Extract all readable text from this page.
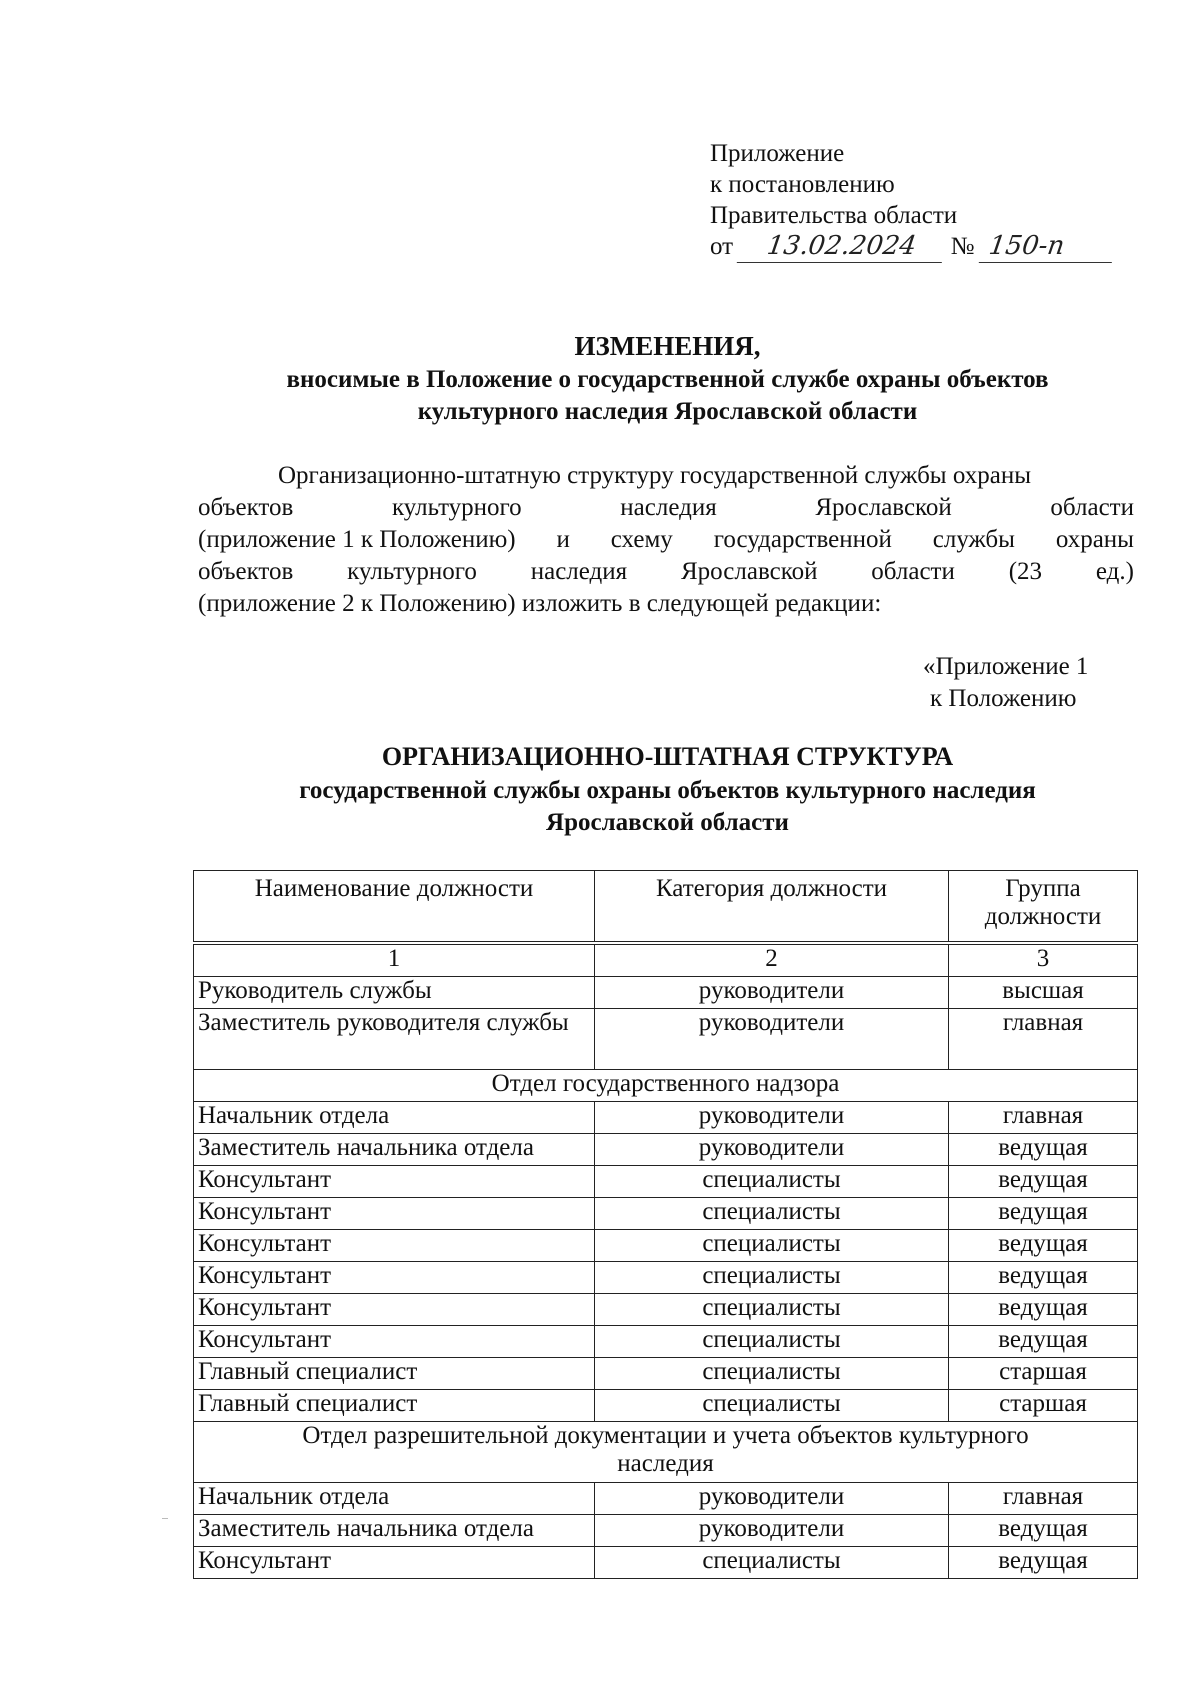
Приложение
к постановлению
Правительства области
от 13.02.2024 № 150-п
ИЗМЕНЕНИЯ,
вносимые в Положение о государственной службе охраны объектов
культурного наследия Ярославской области

Организационно-штатную структуру государственной службы охраны

объектов	культурного	наследия	Ярославской	области
(приложение 1 к Положению) и схему государственной службы охраны
объектов культурного наследия Ярославской области (23 ед.)

(приложение 2 к Положению) изложить в следующей редакции:

«Приложение 1
к Положению
ОРГАНИЗАЦИОННО-ШТАТНАЯ СТРУКТУРА
государственной службы охраны объектов культурного наследия
Ярославской области
Наименование должности	Категория должности	Группа должности
1	2	3
Руководитель службы	руководители	высшая
Заместитель руководителя службы	руководители	главная
Отдел государственного надзора		
Начальник отдела	руководители	главная
Заместитель начальника отдела	руководители	ведущая
Консультант	специалисты	ведущая
Консультант	специалисты	ведущая
Консультант	специалисты	ведущая
Консультант	специалисты	ведущая
Консультант	специалисты	ведущая
Консультант	специалисты	ведущая
Главный специалист	специалисты	старшая
Главный специалист	специалисты	старшая
Отдел разрешительной документации и учета объектов культурного наследия		
Начальник отдела	руководители	главная
Заместитель начальника отдела	руководители	ведущая
Консультант	специалисты	ведущая
